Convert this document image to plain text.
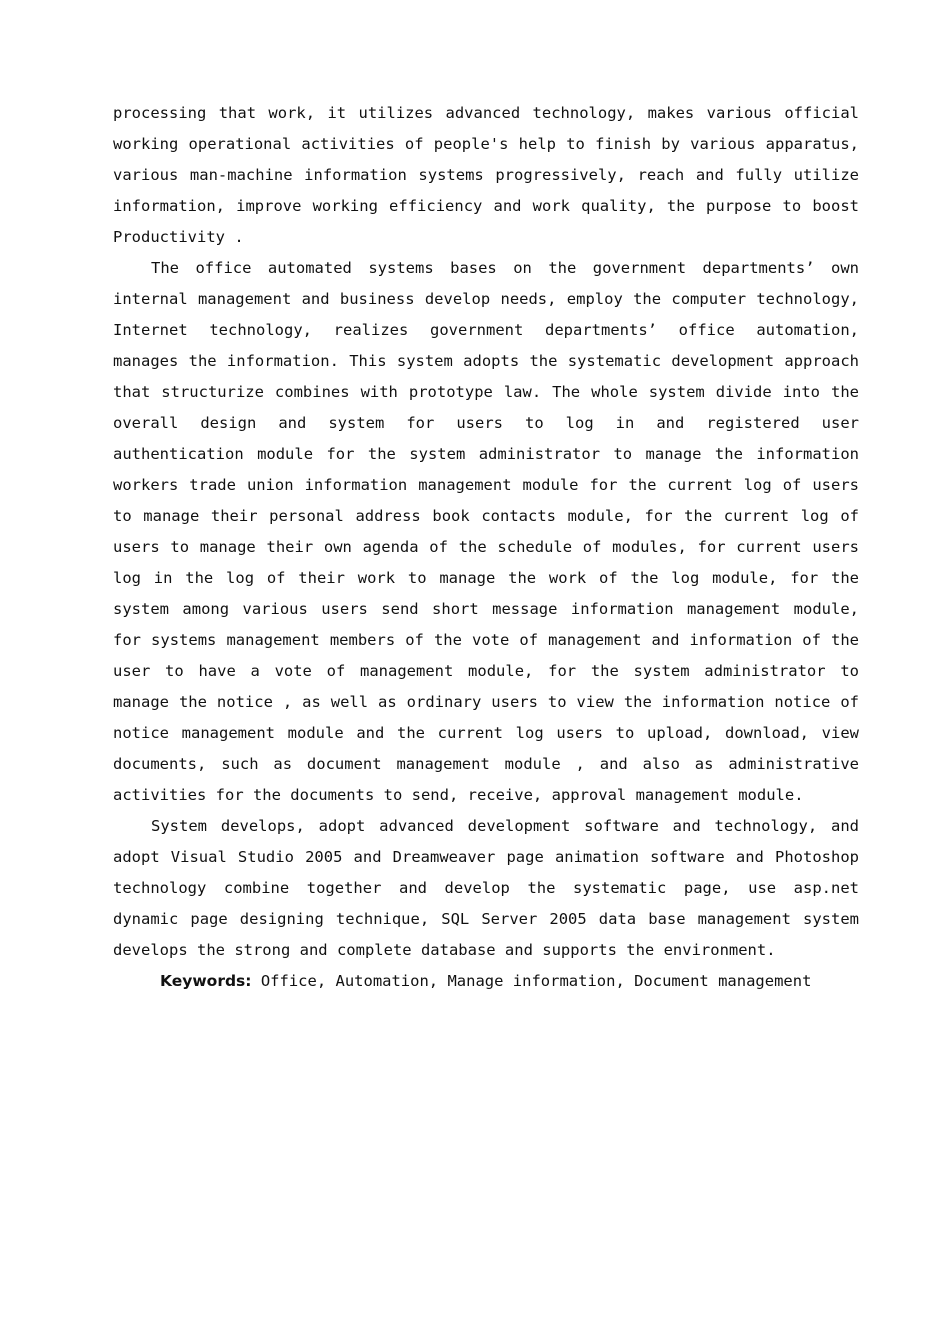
processing that work, it utilizes advanced technology, makes various official working operational activities of people's help to finish by various apparatus, various man-machine information systems progressively, reach and fully utilize information, improve working efficiency and work quality, the purpose to boost Productivity .

The office automated systems bases on the government departments’ own internal management and business develop needs, employ the computer technology, Internet technology, realizes government departments’ office automation, manages the information. This system adopts the systematic development approach that structurize combines with prototype law. The whole system divide into the overall design and system for users to log in and registered user authentication module for the system administrator to manage the information workers trade union information management module for the current log of users to manage their personal address book contacts module, for the current log of users to manage their own agenda of the schedule of modules, for current users log in the log of their work to manage the work of the log module, for the system among various users send short message information management module, for systems management members of the vote of management and information of the user to have a vote of management module, for the system administrator to manage the notice , as well as ordinary users to view the information notice of notice management module and the current log users to upload, download, view documents, such as document management module , and also as administrative activities for the documents to send, receive, approval management module.

System develops, adopt advanced development software and technology, and adopt Visual Studio 2005 and Dreamweaver page animation software and Photoshop technology combine together and develop the systematic page, use asp.net dynamic page designing technique, SQL Server 2005 data base management system develops the strong and complete database and supports the environment.

Keywords: Office, Automation, Manage information, Document management
